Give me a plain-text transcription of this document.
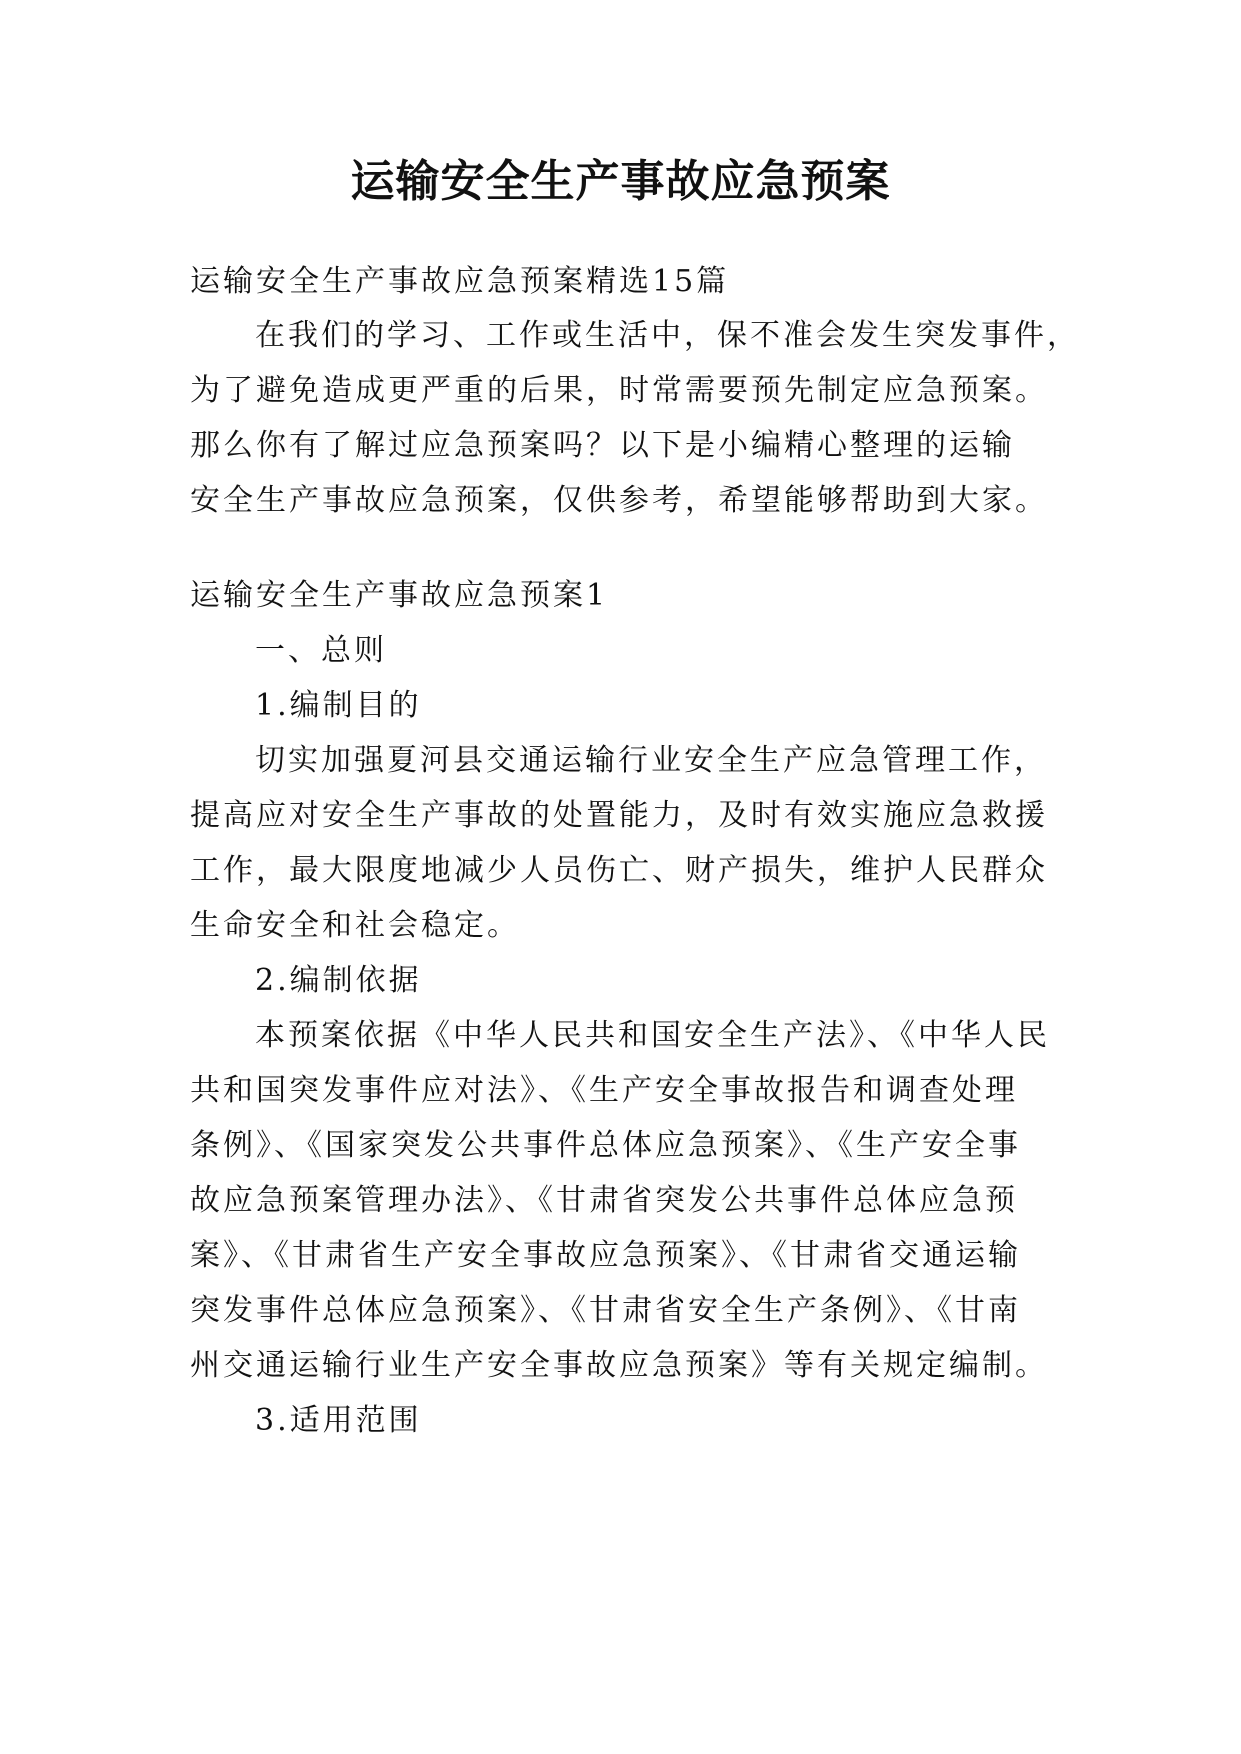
运输安全生产事故应急预案

运输安全生产事故应急预案精选15篇

在我们的学习、工作或生活中，保不准会发生突发事件，

为了避免造成更严重的后果，时常需要预先制定应急预案。

那么你有了解过应急预案吗？以下是小编精心整理的运输

安全生产事故应急预案，仅供参考，希望能够帮助到大家。

运输安全生产事故应急预案1

一、总则

1.编制目的

切实加强夏河县交通运输行业安全生产应急管理工作，

提高应对安全生产事故的处置能力，及时有效实施应急救援

工作，最大限度地减少人员伤亡、财产损失，维护人民群众

生命安全和社会稳定。

2.编制依据

本预案依据《中华人民共和国安全生产法》、《中华人民

共和国突发事件应对法》、《生产安全事故报告和调查处理

条例》、《国家突发公共事件总体应急预案》、《生产安全事

故应急预案管理办法》、《甘肃省突发公共事件总体应急预

案》、《甘肃省生产安全事故应急预案》、《甘肃省交通运输

突发事件总体应急预案》、《甘肃省安全生产条例》、《甘南

州交通运输行业生产安全事故应急预案》等有关规定编制。

3.适用范围
